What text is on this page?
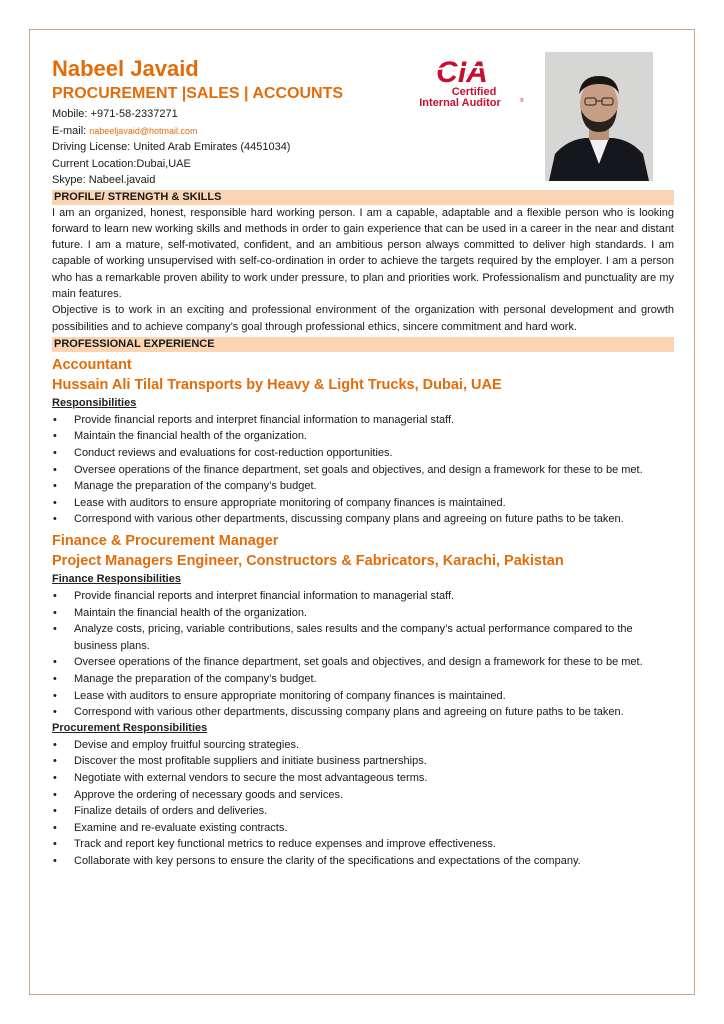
CIA
Certified
Internal Auditor	®
Nabeel Javaid
PROCUREMENT |SALES | ACCOUNTS
Mobile: +971-58-2337271
E-mail: nabeeljavaid@hotmail.com
Driving License: United Arab Emirates (4451034)
Current Location:Dubai,UAE
Skype: Nabeel.javaid
PROFILE/ STRENGTH & SKILLS

I am an organized, honest, responsible hard working person. I am a capable, adaptable and a flexible person who is looking forward to learn new working skills and methods in order to gain experience that can be used in a career in the near and distant future. I am a mature, self-motivated, confident, and an ambitious person always committed to deliver high standards. I am capable of working unsupervised with self-co-ordination in order to achieve the targets required by the employer. I am a person who has a remarkable proven ability to work under pressure, to plan and priorities work. Professionalism and punctuality are my main features.

Objective is to work in an exciting and professional environment of the organization with personal development and growth possibilities and to achieve company’s goal through professional ethics, sincere commitment and hard work.

PROFESSIONAL EXPERIENCE
Accountant
Hussain Ali Tilal Transports by Heavy & Light Trucks, Dubai, UAE
Responsibilities
• Provide financial reports and interpret financial information to managerial staff.
• Maintain the financial health of the organization.
• Conduct reviews and evaluations for cost-reduction opportunities.
• Oversee operations of the finance department, set goals and objectives, and design a framework for these to be met.
• Manage the preparation of the company’s budget.
• Lease with auditors to ensure appropriate monitoring of company finances is maintained.
• Correspond with various other departments, discussing company plans and agreeing on future paths to be taken.
Finance & Procurement Manager
Project Managers Engineer, Constructors & Fabricators, Karachi, Pakistan
Finance Responsibilities
• Provide financial reports and interpret financial information to managerial staff.
• Maintain the financial health of the organization.
• Analyze costs, pricing, variable contributions, sales results and the company’s actual performance compared to the business plans.
• Oversee operations of the finance department, set goals and objectives, and design a framework for these to be met.
• Manage the preparation of the company’s budget.
• Lease with auditors to ensure appropriate monitoring of company finances is maintained.
• Correspond with various other departments, discussing company plans and agreeing on future paths to be taken.
Procurement Responsibilities
• Devise and employ fruitful sourcing strategies.
• Discover the most profitable suppliers and initiate business partnerships.
• Negotiate with external vendors to secure the most advantageous terms.
• Approve the ordering of necessary goods and services.
• Finalize details of orders and deliveries.
• Examine and re-evaluate existing contracts.
• Track and report key functional metrics to reduce expenses and improve effectiveness.
• Collaborate with key persons to ensure the clarity of the specifications and expectations of the company.
